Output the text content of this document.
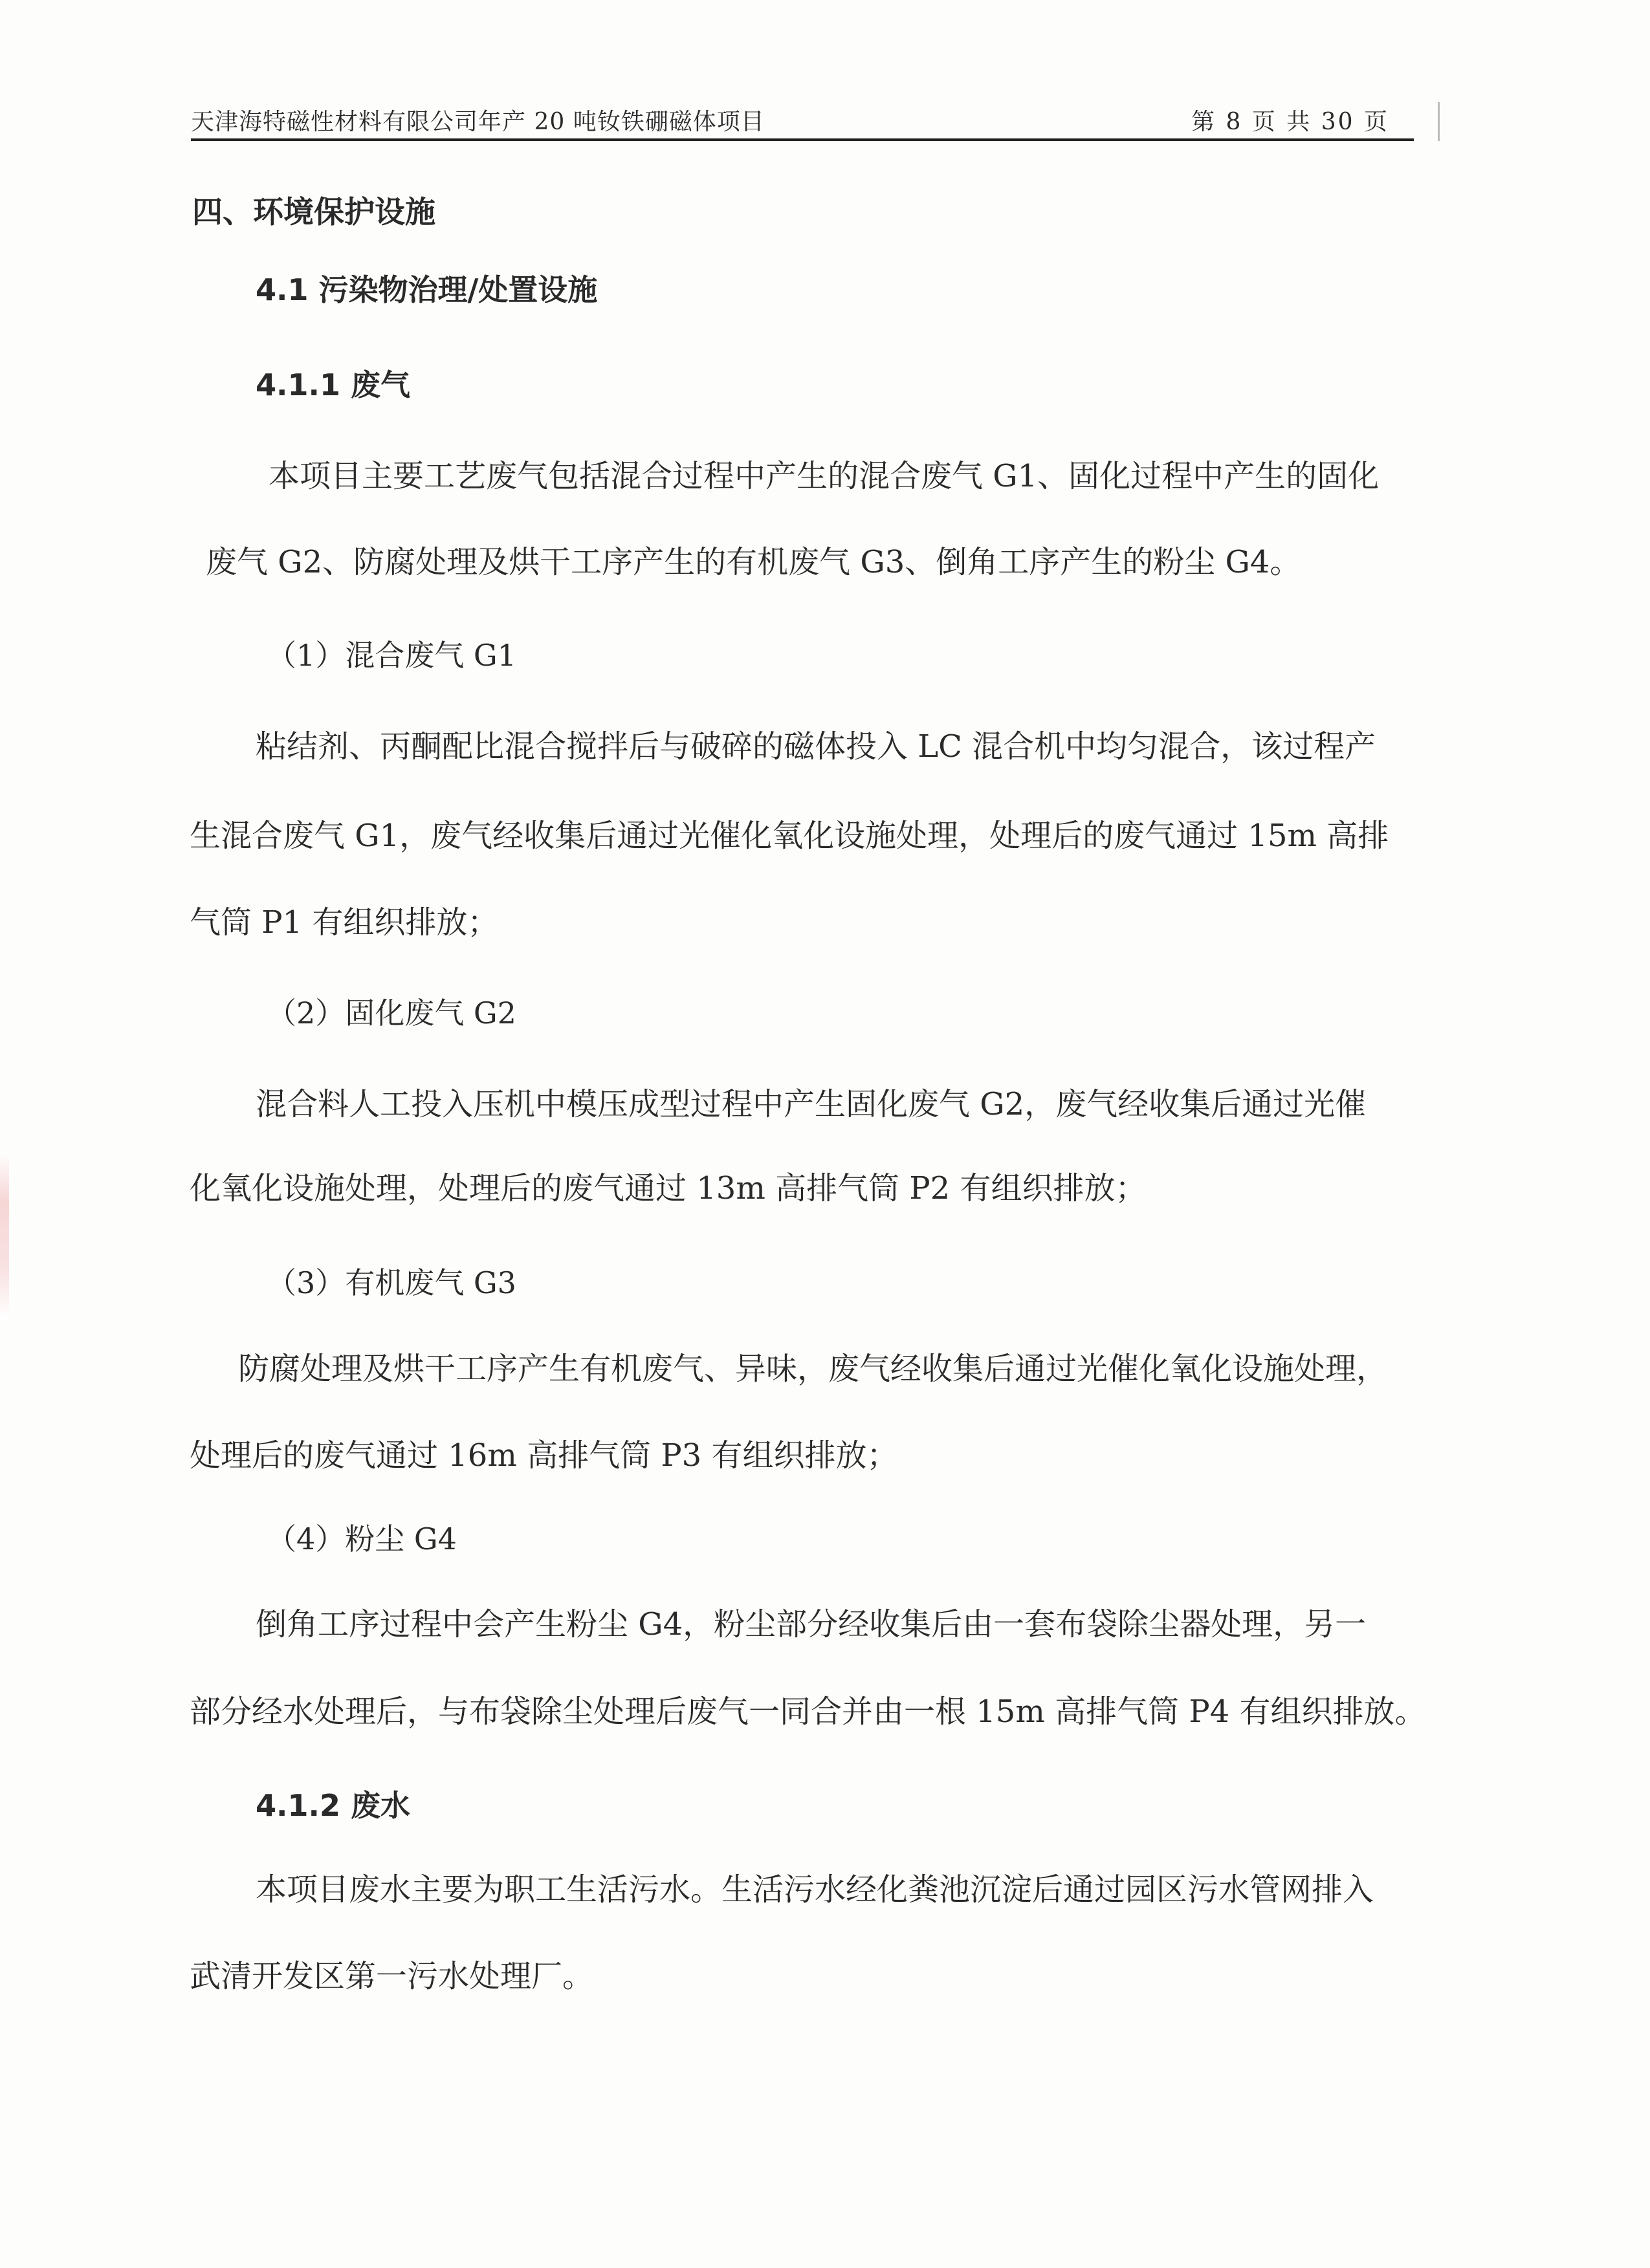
天津海特磁性材料有限公司年产 20 吨钕铁硼磁体项目	第 8 页 共 30 页
四、环境保护设施
4.1 污染物治理/处置设施
4.1.1 废气
本项目主要工艺废气包括混合过程中产生的混合废气 G1、固化过程中产生的固化
废气 G2、防腐处理及烘干工序产生的有机废气 G3、倒角工序产生的粉尘 G4。
（1）混合废气 G1
粘结剂、丙酮配比混合搅拌后与破碎的磁体投入 LC 混合机中均匀混合，该过程产
生混合废气 G1，废气经收集后通过光催化氧化设施处理，处理后的废气通过 15m 高排
气筒 P1 有组织排放；
（2）固化废气 G2
混合料人工投入压机中模压成型过程中产生固化废气 G2，废气经收集后通过光催
化氧化设施处理，处理后的废气通过 13m 高排气筒 P2 有组织排放；
（3）有机废气 G3
防腐处理及烘干工序产生有机废气、异味，废气经收集后通过光催化氧化设施处理，
处理后的废气通过 16m 高排气筒 P3 有组织排放；
（4）粉尘 G4
倒角工序过程中会产生粉尘 G4，粉尘部分经收集后由一套布袋除尘器处理，另一
部分经水处理后，与布袋除尘处理后废气一同合并由一根 15m 高排气筒 P4 有组织排放。
4.1.2 废水
本项目废水主要为职工生活污水。生活污水经化粪池沉淀后通过园区污水管网排入
武清开发区第一污水处理厂。
